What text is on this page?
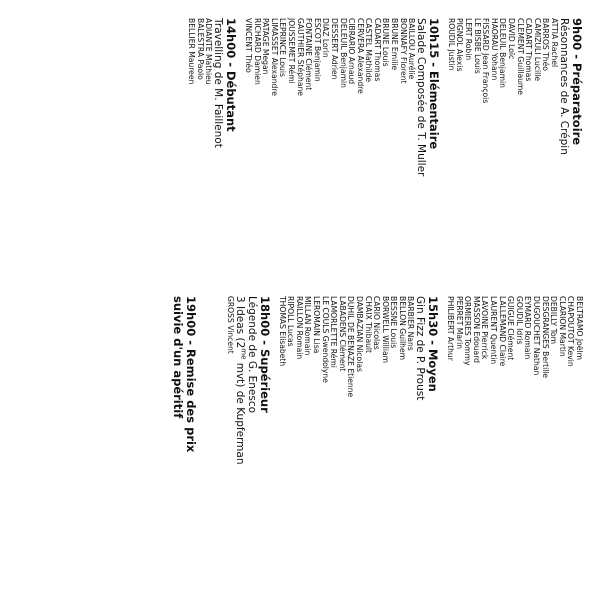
9h00 - Préparatoire
Résonnances de A. Crépin
ATTIA Rachel
BARROS Théo
CAMIZULI Lucille
CADART Thomas
CLEMENT Guillaume
DAVID Loïc
DELEUIL Benjamin
HAORAU Yohann
FISSARD Jean François
LE BISBE Louis
LERT Robin
PIGNOL Alexis
ROUDIL Justin
10h15 - Elémentaire
Salade Composée de T. Muller
BAILLOU Aurélie
BONNAFY Florent
BRUNE Emilie
BRUNE Louis
CADART Thomas
CASTEL Mathilde
CERVERA Alexandre
CIBRARIO Arnaud
DELEUIL Benjamin
DESSERT Adrien
DIAZ Lorin
ESCOT Benjamin
FONTAINE Clément
GAUTHIER Stéphane
JOUSSEMET Rémi
LEPRINCE Louis
LIMASSET Alexandre
PATAGE Megan
RICHARD Damien
VINCENT Théo
14h00 - Débutant
Travelling de M. Faillenot
ADIANTE Mathieu
BALESTRA Paolo
BELLIER Maureen
BELTRAMO Joëlm
CHAPOUTOT Kevin
CLARION Martin
DEBILLY Tom
DESGRANGES Bertille
DUGOUCHET Nathan
EYMARD Romain
GOUDIL Idris
GUIGUE Clément
LALLEMAND Claire
LAURENT Quentin
LAVOINE Pierrick
MASSON Edouard
ORMIERES Tommy
PERRET Marin
PHILIBERT Arthur
15h30 - Moyen
Gin Fizz de P. Proust
BARBIER Nans
BELLON Guilhem
BESSNE Louis
BORWELL William
CARIO Nicolas
CHAIX Thibault
DAMBAZIAN Nicolas
DUHIL DE BENAZE Etienne
LABADENS Clément
LAMORLETTE Rémi
LE COULS Gwendolyne
LEROMAIN Lisa
MILLAN Romain
RAILLON Romain
RIPOLL Lucas
THOMAS Elisabeth
18h00 - Supérieur
Légende de G. Enesco
3 Ideas ($2^{me}$ mvt) de Kupferman
GROSS Vincent
19h00 - Remise des prix
suivie d'un apéritif
